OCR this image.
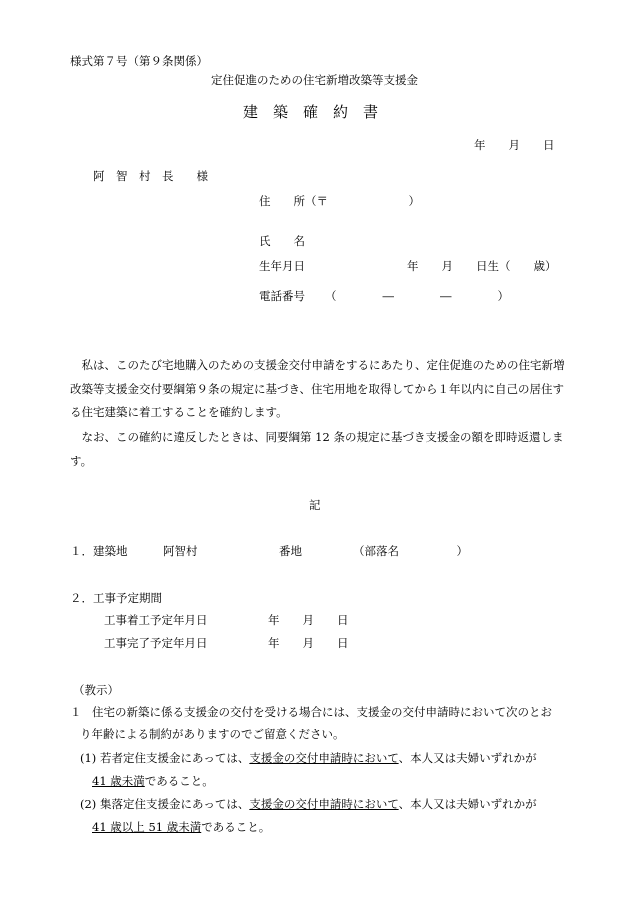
様式第７号（第９条関係）
定住促進のための住宅新増改築等支援金
建　築　確　約　書
年　　月　　日
阿　智　村　長　　様
住　　所（〒　　　　　　　）
氏　　名
生年月日	年　　月　　日生（　　歳）
電話番号 （　　　　―　　　　―　　　　）
　私は、このたび宅地購入のための支援金交付申請をするにあたり、定住促進のための住宅新増改築等支援金交付要綱第９条の規定に基づき、住宅用地を取得してから１年以内に自己の居住する住宅建築に着工することを確約します。
　なお、この確約に違反したときは、同要綱第 12 条の規定に基づき支援金の額を即時返還します。
記
１．建築地	阿智村	番地	（部落名　　　　　）
２．工事予定期間
工事着工予定年月日	年　　月　　日
工事完了予定年月日	年　　月　　日
（教示）
１ 住宅の新築に係る支援金の交付を受ける場合には、支援金の交付申請時において次のとお
り年齢による制約がありますのでご留意ください。
(1) 若者定住支援金にあっては、支援金の交付申請時において、本人又は夫婦いずれかが
41 歳未満であること。
(2) 集落定住支援金にあっては、支援金の交付申請時において、本人又は夫婦いずれかが
41 歳以上 51 歳未満であること。
